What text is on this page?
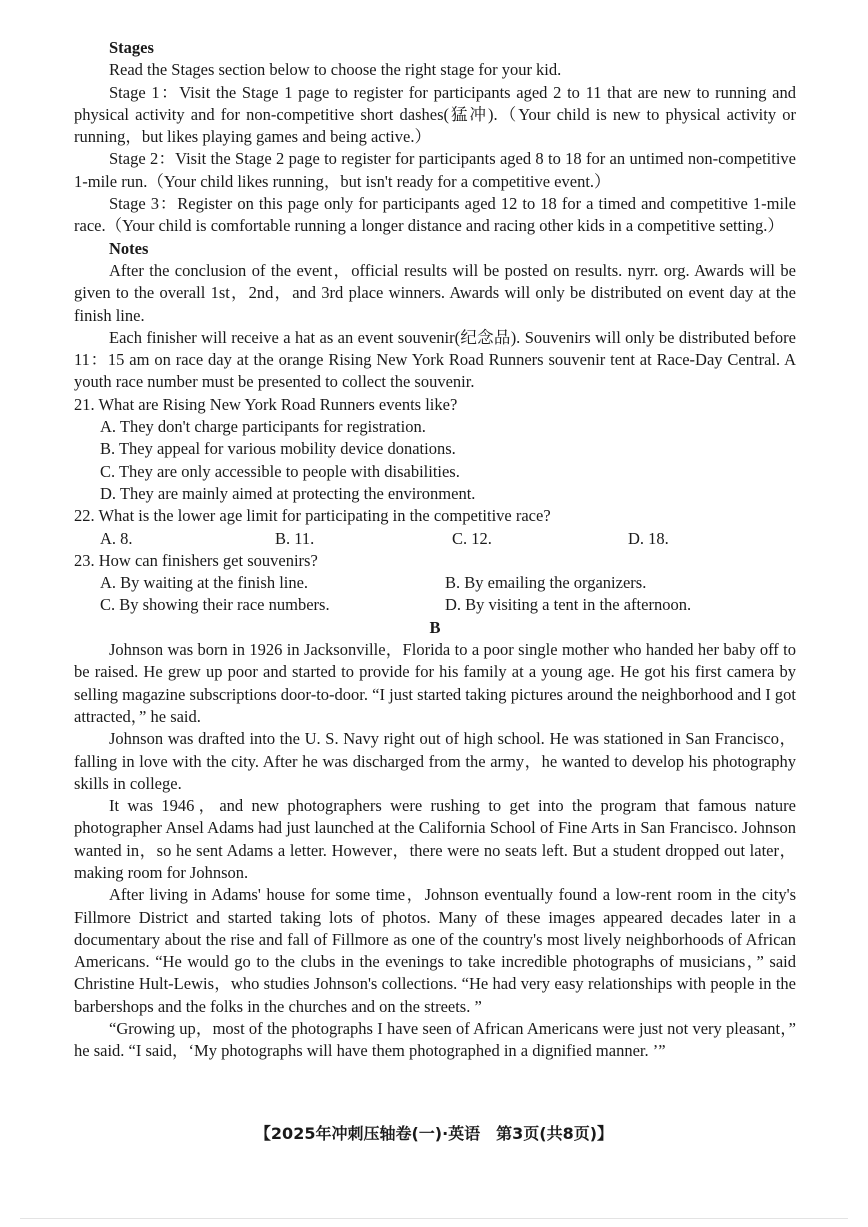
Stages

Read the Stages section below to choose the right stage for your kid.

Stage 1：Visit the Stage 1 page to register for participants aged 2 to 11 that are new to running and physical activity and for non-competitive short dashes(猛冲).（Your child is new to physical activity or running，but likes playing games and being active.）

Stage 2：Visit the Stage 2 page to register for participants aged 8 to 18 for an untimed non-competitive 1-mile run.（Your child likes running，but isn't ready for a competitive event.）

Stage 3：Register on this page only for participants aged 12 to 18 for a timed and competitive 1-mile race.（Your child is comfortable running a longer distance and racing other kids in a competitive setting.）

Notes

After the conclusion of the event，official results will be posted on results. nyrr. org. Awards will be given to the overall 1st，2nd，and 3rd place winners. Awards will only be distributed on event day at the finish line.

Each finisher will receive a hat as an event souvenir(纪念品). Souvenirs will only be distributed before 11：15 am on race day at the orange Rising New York Road Runners souvenir tent at Race-Day Central. A youth race number must be presented to collect the souvenir.

21. What are Rising New York Road Runners events like?

A. They don't charge participants for registration.

B. They appeal for various mobility device donations.

C. They are only accessible to people with disabilities.

D. They are mainly aimed at protecting the environment.

22. What is the lower age limit for participating in the competitive race?

A. 8.	B. 11.	C. 12.	D. 18.

23. How can finishers get souvenirs?

A. By waiting at the finish line.	B. By emailing the organizers.
C. By showing their race numbers.	D. By visiting a tent in the afternoon.

B

Johnson was born in 1926 in Jacksonville，Florida to a poor single mother who handed her baby off to be raised. He grew up poor and started to provide for his family at a young age. He got his first camera by selling magazine subscriptions door-to-door. “I just started taking pictures around the neighborhood and I got attracted，” he said.

Johnson was drafted into the U. S. Navy right out of high school. He was stationed in San Francisco，falling in love with the city. After he was discharged from the army，he wanted to develop his photography skills in college.

It was 1946，and new photographers were rushing to get into the program that famous nature photographer Ansel Adams had just launched at the California School of Fine Arts in San Francisco. Johnson wanted in，so he sent Adams a letter. However，there were no seats left. But a student dropped out later，making room for Johnson.

After living in Adams' house for some time，Johnson eventually found a low-rent room in the city's Fillmore District and started taking lots of photos. Many of these images appeared decades later in a documentary about the rise and fall of Fillmore as one of the country's most lively neighborhoods of African Americans. “He would go to the clubs in the evenings to take incredible photographs of musicians，” said Christine Hult-Lewis，who studies Johnson's collections. “He had very easy relationships with people in the barbershops and the folks in the churches and on the streets. ”

“Growing up，most of the photographs I have seen of African Americans were just not very pleasant，” he said. “I said，‘My photographs will have them photographed in a dignified manner. ’”

【2025年冲刺压轴卷(一)·英语　第3页(共8页)】
